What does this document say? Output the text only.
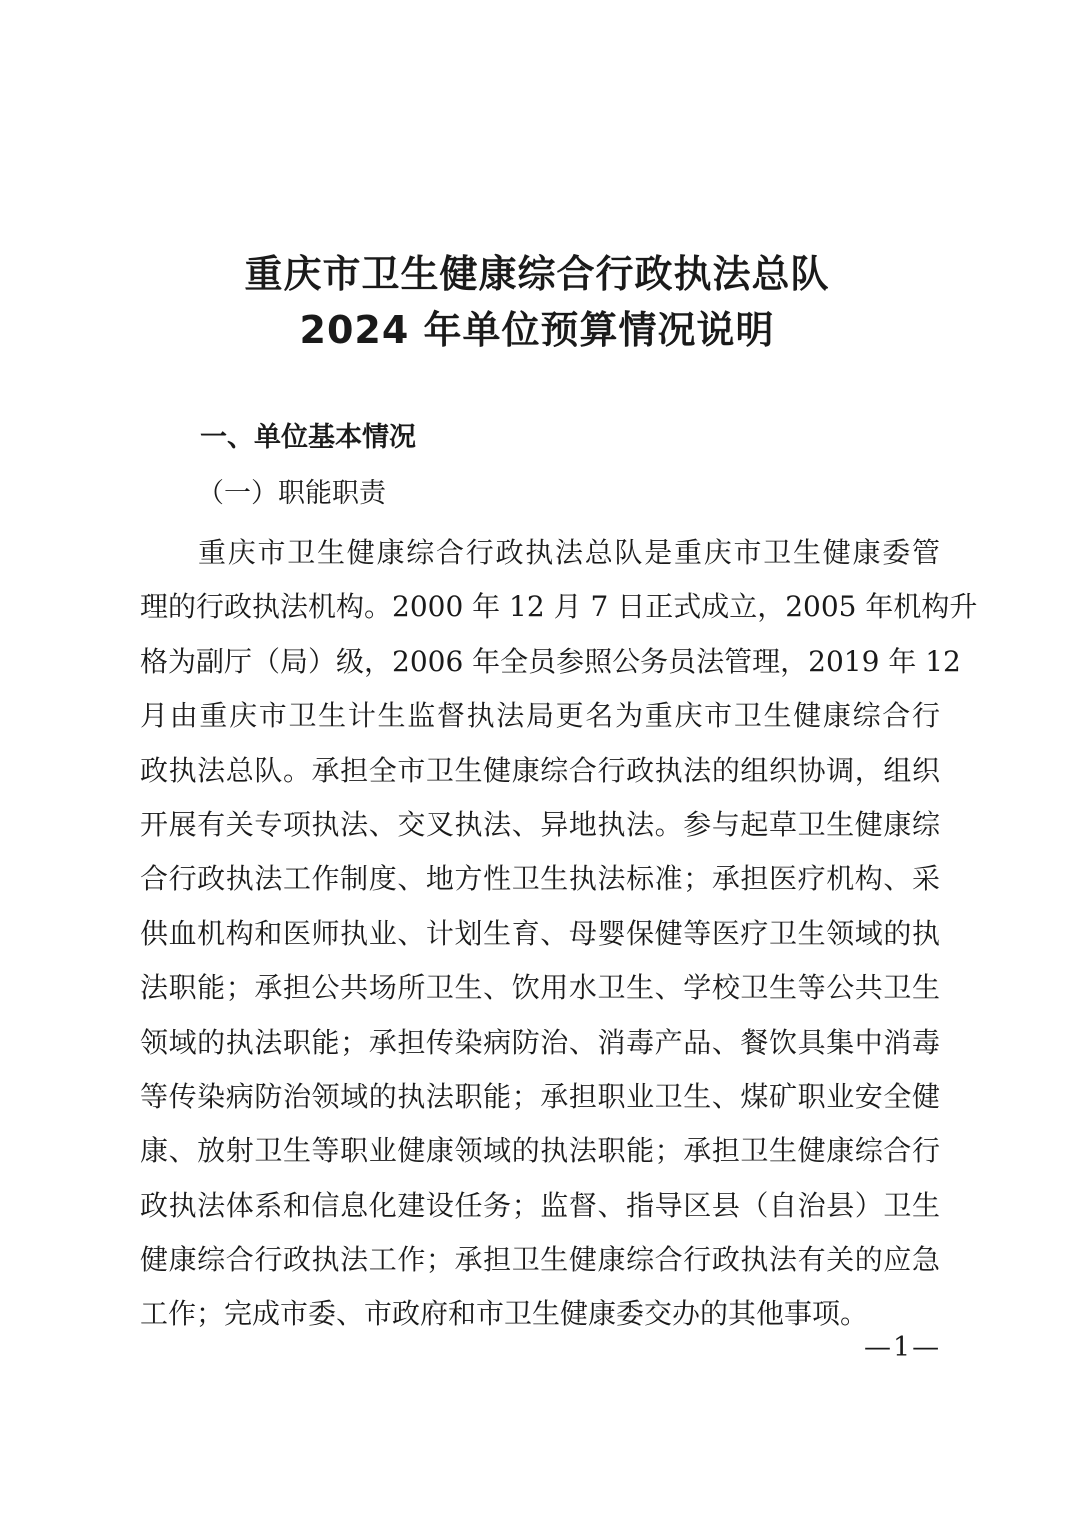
重庆市卫生健康综合行政执法总队
2024 年单位预算情况说明
一、单位基本情况
（一）职能职责
重庆市卫生健康综合行政执法总队是重庆市卫生健康委管
理的行政执法机构。2000 年 12 月 7 日正式成立，2005 年机构升
格为副厅（局）级，2006 年全员参照公务员法管理，2019 年 12
月由重庆市卫生计生监督执法局更名为重庆市卫生健康综合行
政执法总队。承担全市卫生健康综合行政执法的组织协调，组织
开展有关专项执法、交叉执法、异地执法。参与起草卫生健康综
合行政执法工作制度、地方性卫生执法标准；承担医疗机构、采
供血机构和医师执业、计划生育、母婴保健等医疗卫生领域的执
法职能；承担公共场所卫生、饮用水卫生、学校卫生等公共卫生
领域的执法职能；承担传染病防治、消毒产品、餐饮具集中消毒
等传染病防治领域的执法职能；承担职业卫生、煤矿职业安全健
康、放射卫生等职业健康领域的执法职能；承担卫生健康综合行
政执法体系和信息化建设任务；监督、指导区县（自治县）卫生
健康综合行政执法工作；承担卫生健康综合行政执法有关的应急
工作；完成市委、市政府和市卫生健康委交办的其他事项。
—1—
